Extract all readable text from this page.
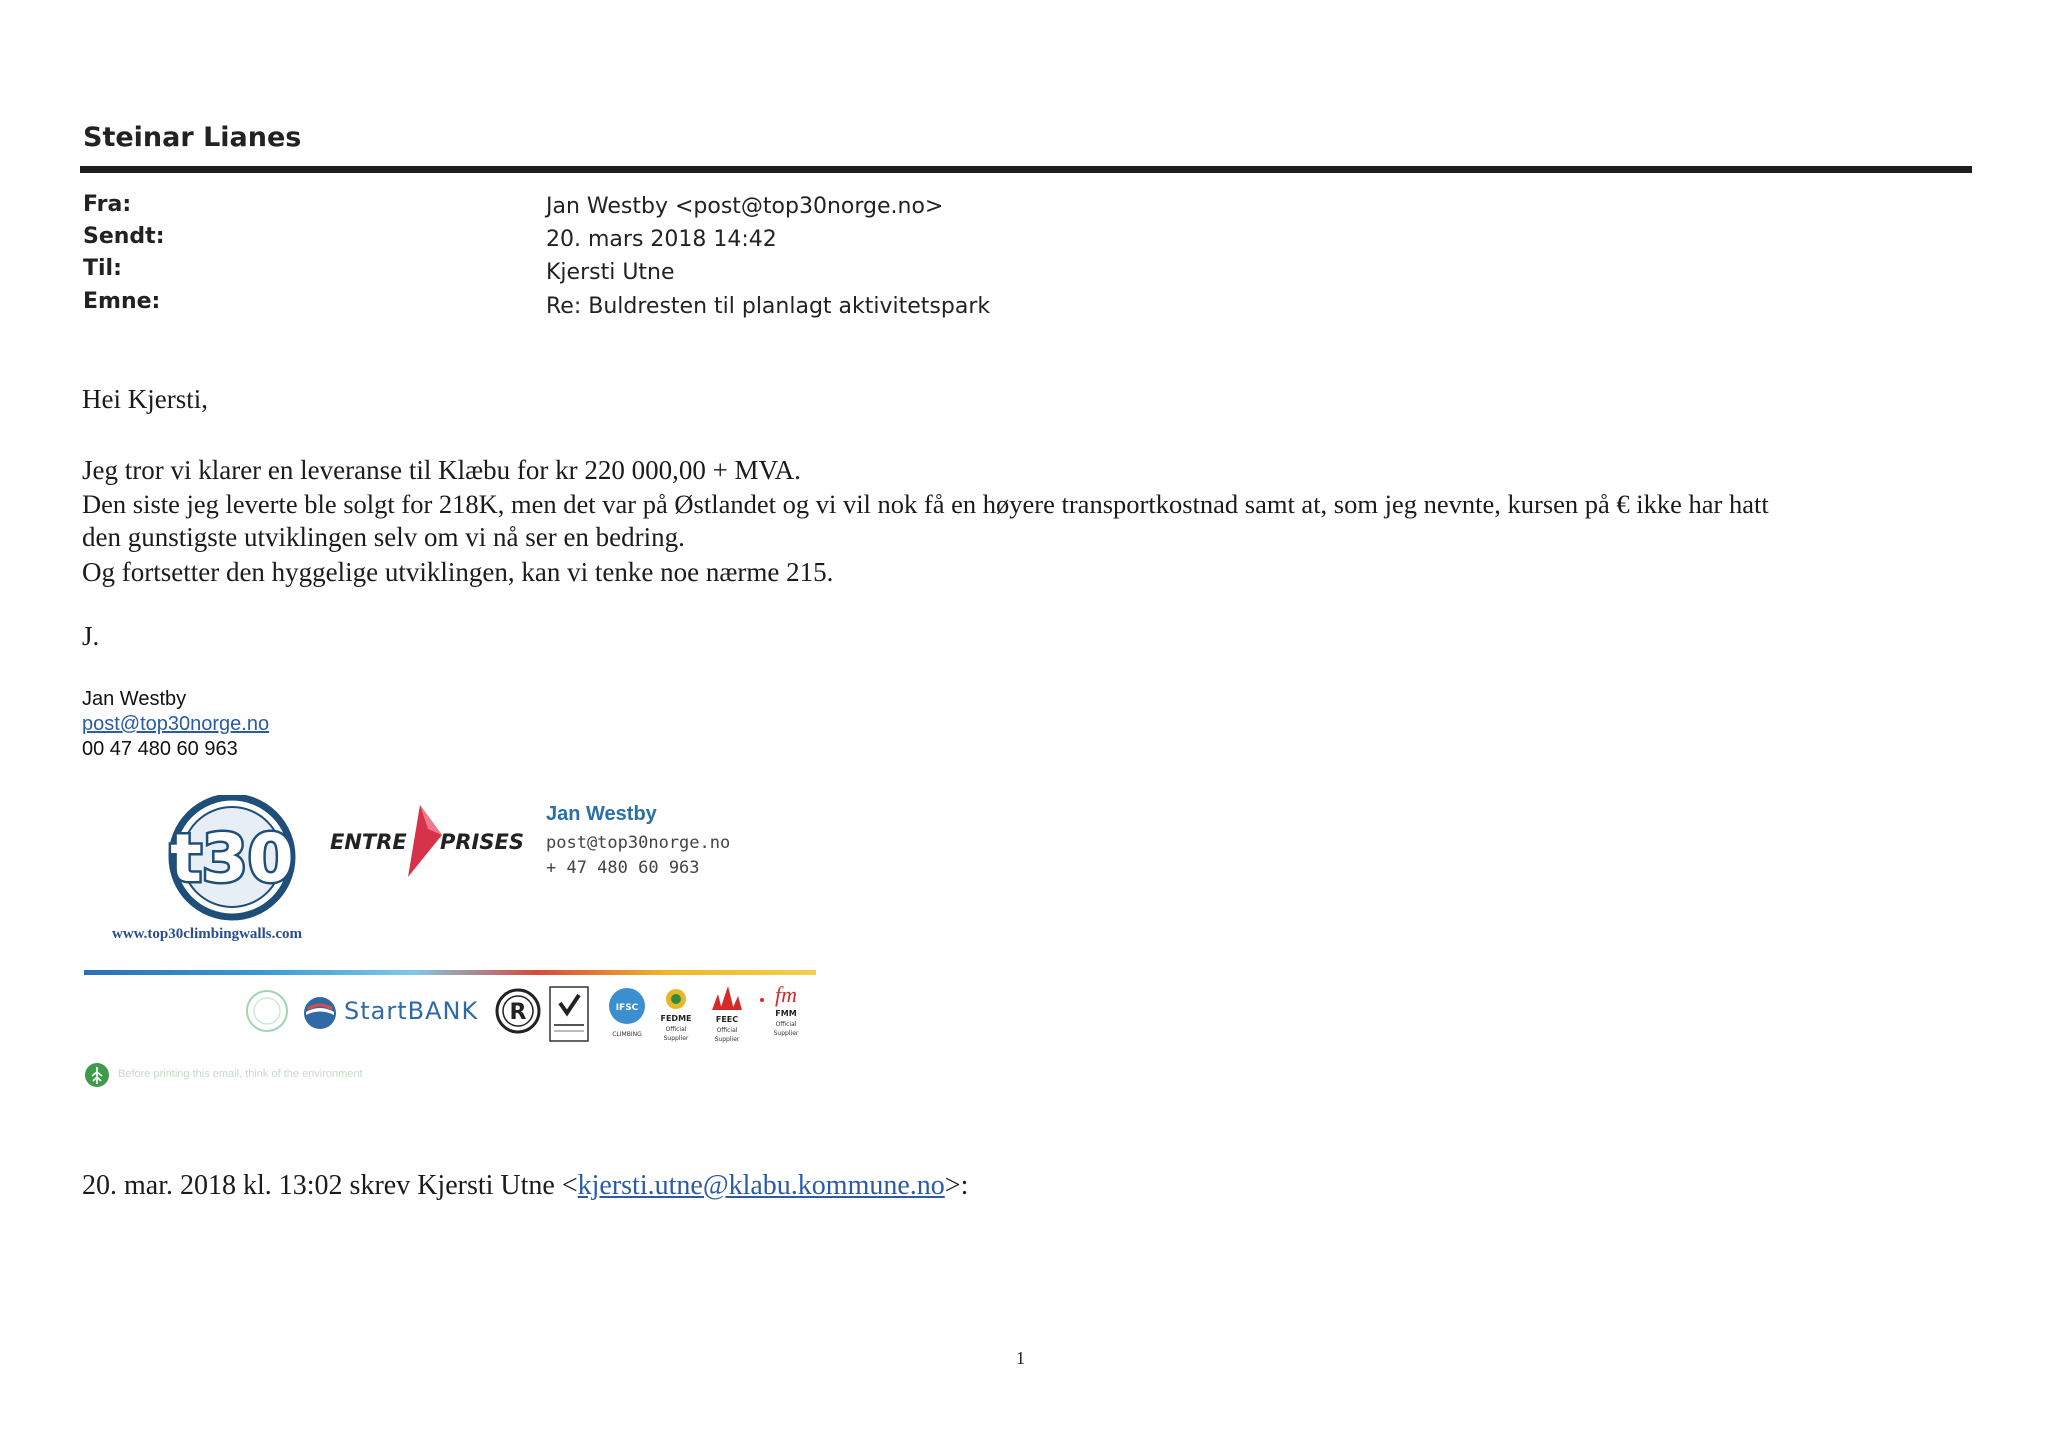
Steinar Lianes
Fra:	Jan Westby <post@top30norge.no>
Sendt:	20. mars 2018 14:42
Til:	Kjersti Utne
Emne:	Re: Buldresten til planlagt aktivitetspark
Hei Kjersti,
Jeg tror vi klarer en leveranse til Klæbu for kr 220 000,00 + MVA.
Den siste jeg leverte ble solgt for 218K, men det var på Østlandet og vi vil nok få en høyere transportkostnad samt at, som jeg nevnte, kursen på € ikke har hatt
den gunstigste utviklingen selv om vi nå ser en bedring.
Og fortsetter den hyggelige utviklingen, kan vi tenke noe nærme 215.
J.
Jan Westby
post@top30norge.no
00 47 480 60 963
t30
www.top30climbingwalls.com
ENTRE PRISES
Jan Westby
post@top30norge.no
+ 47 480 60 963
StartBANK R	IFSC
CLIMBING
FEDME
Official
Supplier
FEEC
Official
Supplier
fm
FMM
Official
Supplier
Before printing this email, think of the environment
20. mar. 2018 kl. 13:02 skrev Kjersti Utne <kjersti.utne@klabu.kommune.no>:
1
